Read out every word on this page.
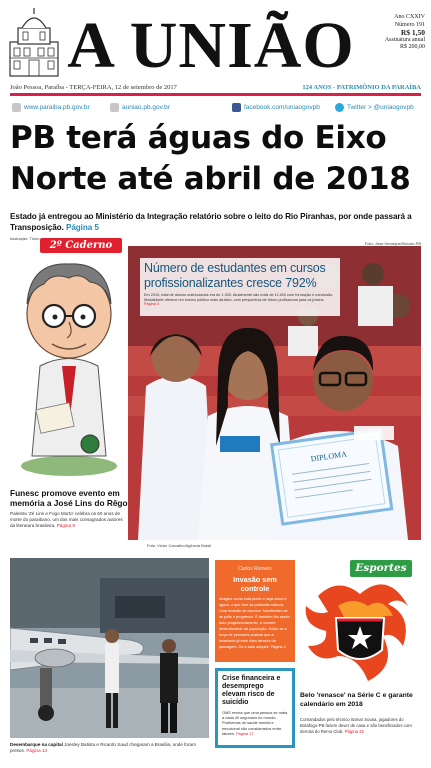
A UNIÃO	Ano CXXIV
Número 191
R$ 1,50
Assinatura anual
R$ 200,00
João Pessoa, Paraíba - TERÇA-FEIRA, 12 de setembro de 2017	124 ANOS - PATRIMÔNIO DA PARAÍBA
www.paraiba.pb.gov.br	auniao.pb.gov.br	facebook.com/uniaogovpb	Twitter > @uniaogovpb
PB terá águas do Eixo
Norte até abril de 2018
Estado já entregou ao Ministério da Integração relatório sobre o leito do Rio Piranhas, por onde passará a Transposição. Página 5
Ilustração: Tônio
2º Caderno
Funesc promove evento em memória a José Lins do Rêgo
Palestra 'Zé Lins e Fogo Morto' celebra os 60 anos de morte do paraibano, um dos mais consagrados autores da literatura brasileira. Página 9
Foto: Jose Henrique/Secom-PB
DIPLOMA
Número de estudantes em cursos profissionalizantes cresce 792%
Em 2010, total de alunos matriculados era de 1.300. Atualmente são mais de 11.600 com formação e conclusão. Modalidade oferece um ensino público mais atrativo, com perspectiva de futuro profissional para os jovens. Página 3
Foto: Victor Carvalho/Agência Brasil
Desembarque na capital Joesley Batista e Ricardo Saud chegaram a Brasília, onde foram presos. Página 14
Carlos Romero
Invasão sem controle
Imagine como está poder e seja como é agora, o que vive da profunda mistura. Uma invasão de escravo. Manifestam-se as pólis e progresso. É também tão assim tudo progressivamente, a ouverte destrutividade da população. Então se a força de pensares praticar que a invariante já está claro através da passagem. De a tudo adquirir. Página 2
Crise financeira e desemprego elevam risco de suicídio
OMS revela que uma pessoa se mata a cada 40 segundos no mundo. Problemas de saúde mental e emocional são considerados entre fatores. Página 17
Esportes
Belo 'renasce' na Série C e garante calendário em 2018
Comandados pelo técnico Itamar Sousa, jogadores do Botafogo-PB fazem dever de casa e são beneficiados com derrota do Remo Club. Página 21
